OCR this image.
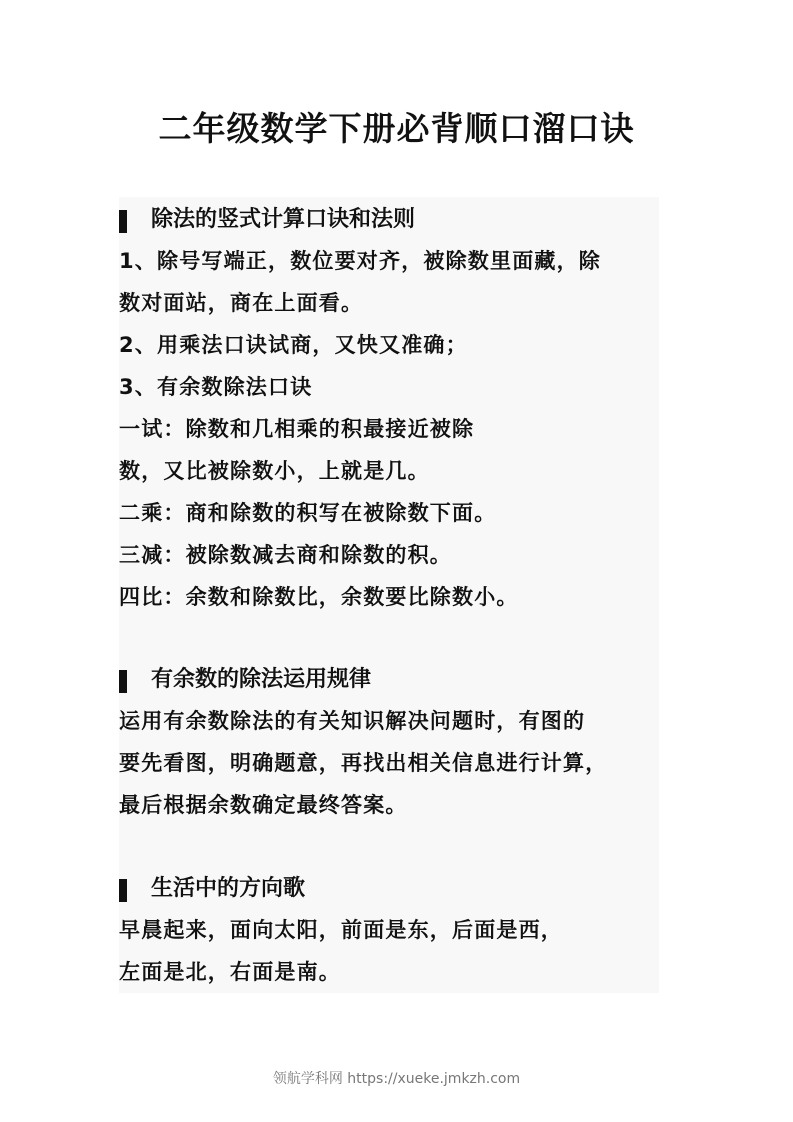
二年级数学下册必背顺口溜口诀
除法的竖式计算口诀和法则
1、除号写端正，数位要对齐，被除数里面藏，除
数对面站，商在上面看。
2、用乘法口诀试商，又快又准确；
3、有余数除法口诀
一试：除数和几相乘的积最接近被除
数，又比被除数小，上就是几。
二乘：商和除数的积写在被除数下面。
三减：被除数减去商和除数的积。
四比：余数和除数比，余数要比除数小。
有余数的除法运用规律
运用有余数除法的有关知识解决问题时，有图的
要先看图，明确题意，再找出相关信息进行计算，
最后根据余数确定最终答案。
生活中的方向歌
早晨起来，面向太阳，前面是东，后面是西，
左面是北，右面是南。
领航学科网 https://xueke.jmkzh.com
